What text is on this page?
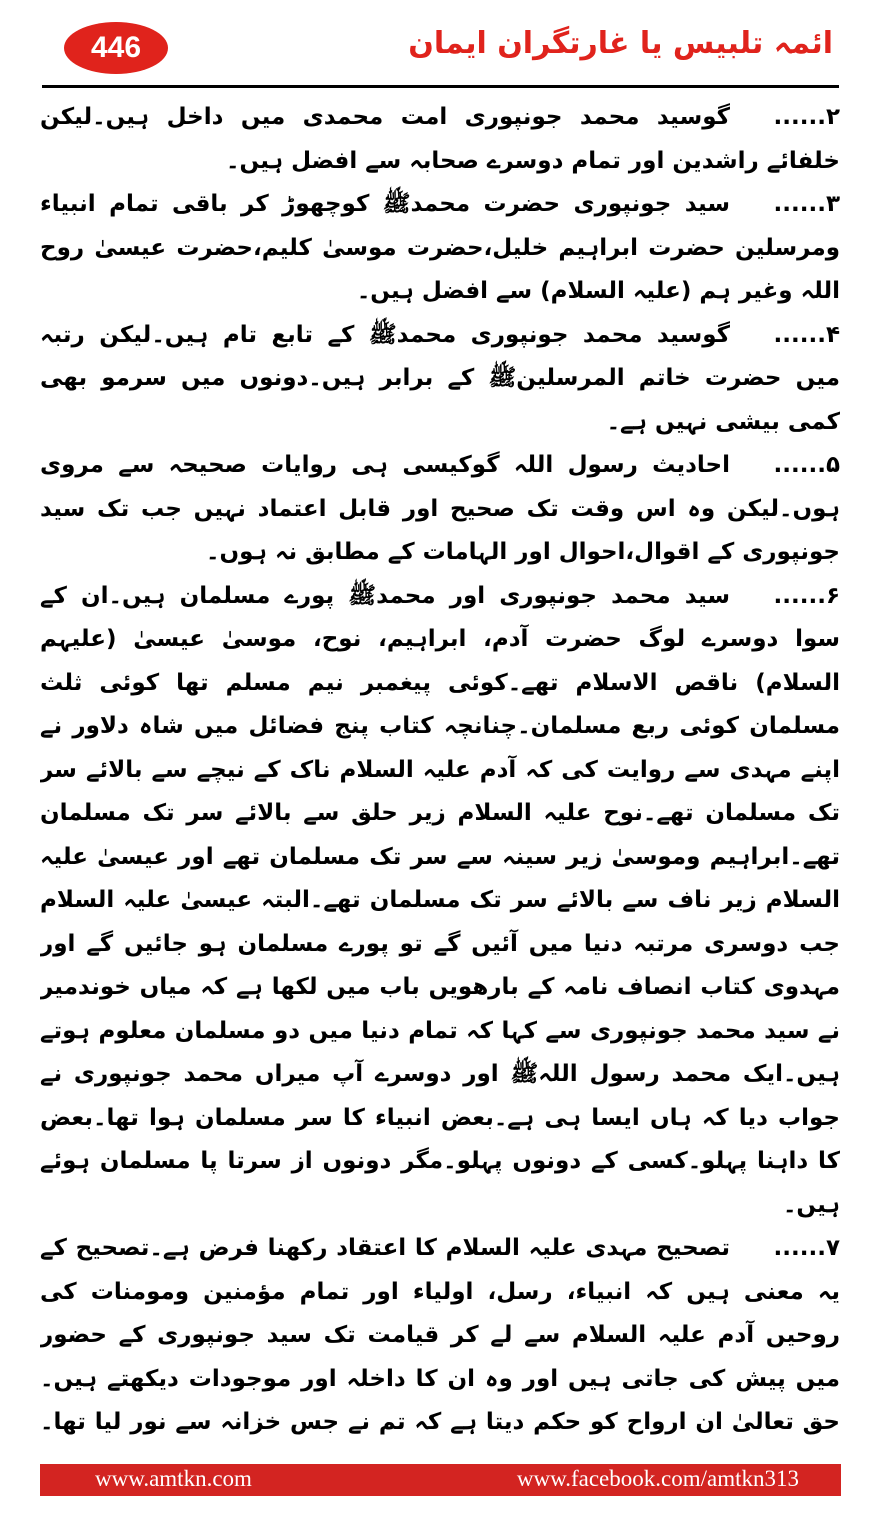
446	ائمہ تلبیس یا غارتگران ایمان

۲......گوسید محمد جونپوری امت محمدی میں داخل ہیں۔لیکن خلفائے راشدین اور تمام دوسرے صحابہ سے افضل ہیں۔

۳......سید جونپوری حضرت محمدﷺ کوچھوڑ کر باقی تمام انبیاء ومرسلین حضرت ابراہیم خلیل،حضرت موسیٰ کلیم،حضرت عیسیٰ روح اللہ وغیر ہم (علیہ السلام) سے افضل ہیں۔

۴......گوسید محمد جونپوری محمدﷺ کے تابع تام ہیں۔لیکن رتبہ میں حضرت خاتم المرسلینﷺ کے برابر ہیں۔دونوں میں سرمو بھی کمی بیشی نہیں ہے۔

۵......احادیث رسول اللہ گوکیسی ہی روایات صحیحہ سے مروی ہوں۔لیکن وہ اس وقت تک صحیح اور قابل اعتماد نہیں جب تک سید جونپوری کے اقوال،احوال اور الہامات کے مطابق نہ ہوں۔

۶......سید محمد جونپوری اور محمدﷺ پورے مسلمان ہیں۔ان کے سوا دوسرے لوگ حضرت آدم، ابراہیم، نوح، موسیٰ عیسیٰ (علیہم السلام) ناقص الاسلام تھے۔کوئی پیغمبر نیم مسلم تھا کوئی ثلث مسلمان کوئی ربع مسلمان۔چنانچہ کتاب پنج فضائل میں شاہ دلاور نے اپنے مہدی سے روایت کی کہ آدم علیہ السلام ناک کے نیچے سے بالائے سر تک مسلمان تھے۔نوح علیہ السلام زیر حلق سے بالائے سر تک مسلمان تھے۔ابراہیم وموسیٰ زیر سینہ سے سر تک مسلمان تھے اور عیسیٰ علیہ السلام زیر ناف سے بالائے سر تک مسلمان تھے۔البتہ عیسیٰ علیہ السلام جب دوسری مرتبہ دنیا میں آئیں گے تو پورے مسلمان ہو جائیں گے اور مہدوی کتاب انصاف نامہ کے بارھویں باب میں لکھا ہے کہ میاں خوندمیر نے سید محمد جونپوری سے کہا کہ تمام دنیا میں دو مسلمان معلوم ہوتے ہیں۔ایک محمد رسول اللہﷺ اور دوسرے آپ میراں محمد جونپوری نے جواب دیا کہ ہاں ایسا ہی ہے۔بعض انبیاء کا سر مسلمان ہوا تھا۔بعض کا داہنا پہلو۔کسی کے دونوں پہلو۔مگر دونوں از سرتا پا مسلمان ہوئے ہیں۔

۷......تصحیح مہدی علیہ السلام کا اعتقاد رکھنا فرض ہے۔تصحیح کے یہ معنی ہیں کہ انبیاء، رسل، اولیاء اور تمام مؤمنین ومومنات کی روحیں آدم علیہ السلام سے لے کر قیامت تک سید جونپوری کے حضور میں پیش کی جاتی ہیں اور وہ ان کا داخلہ اور موجودات دیکھتے ہیں۔حق تعالیٰ ان ارواح کو حکم دیتا ہے کہ تم نے جس خزانہ سے نور لیا تھا۔

www.amtkn.com	www.facebook.com/amtkn313
